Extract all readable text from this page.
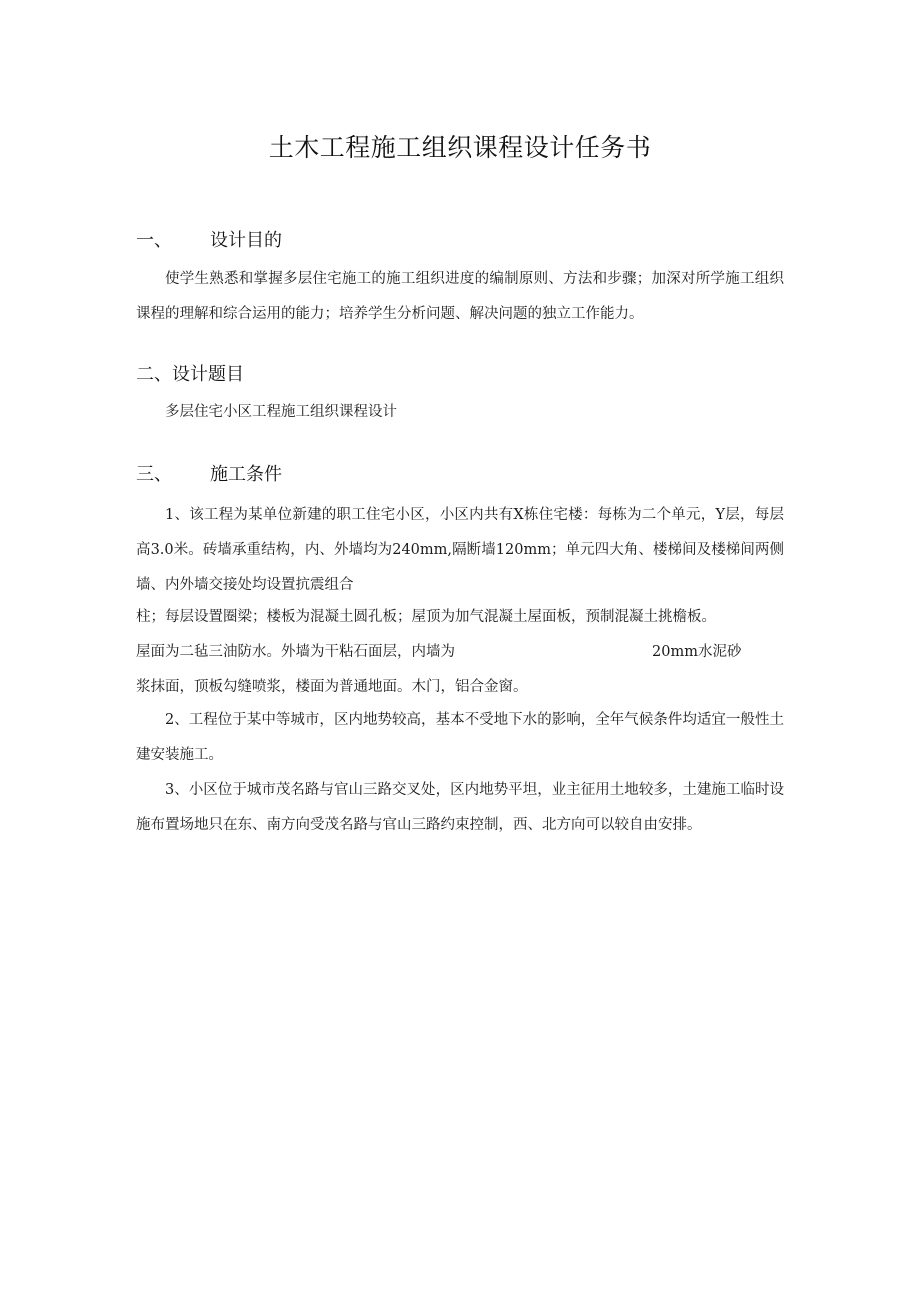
土木工程施工组织课程设计任务书
一、 设计目的

使学生熟悉和掌握多层住宅施工的施工组织进度的编制原则、方法和步骤；加深对所学施工组织课程的理解和综合运用的能力；培养学生分析问题、解决问题的独立工作能力。

二、设计题目
多层住宅小区工程施工组织课程设计
三、 施工条件

1、该工程为某单位新建的职工住宅小区，小区内共有X栋住宅楼：每栋为二个单元，Y层，每层高3.0米。砖墙承重结构，内、外墙均为240mm,隔断墙120mm；单元四大角、楼梯间及楼梯间两侧墙、内外墙交接处均设置抗震组合

柱；每层设置圈梁；楼板为混凝土圆孔板；屋顶为加气混凝土屋面板，预制混凝土挑檐板。
屋面为二毡三油防水。外墙为干粘石面层，内墙为	20mm水泥砂
浆抹面，顶板勾缝喷浆，楼面为普通地面。木门，铝合金窗。

2、工程位于某中等城市，区内地势较高，基本不受地下水的影响，全年气候条件均适宜一般性土建安装施工。

3、小区位于城市茂名路与官山三路交叉处，区内地势平坦，业主征用土地较多，土建施工临时设施布置场地只在东、南方向受茂名路与官山三路约束控制，西、北方向可以较自由安排。
